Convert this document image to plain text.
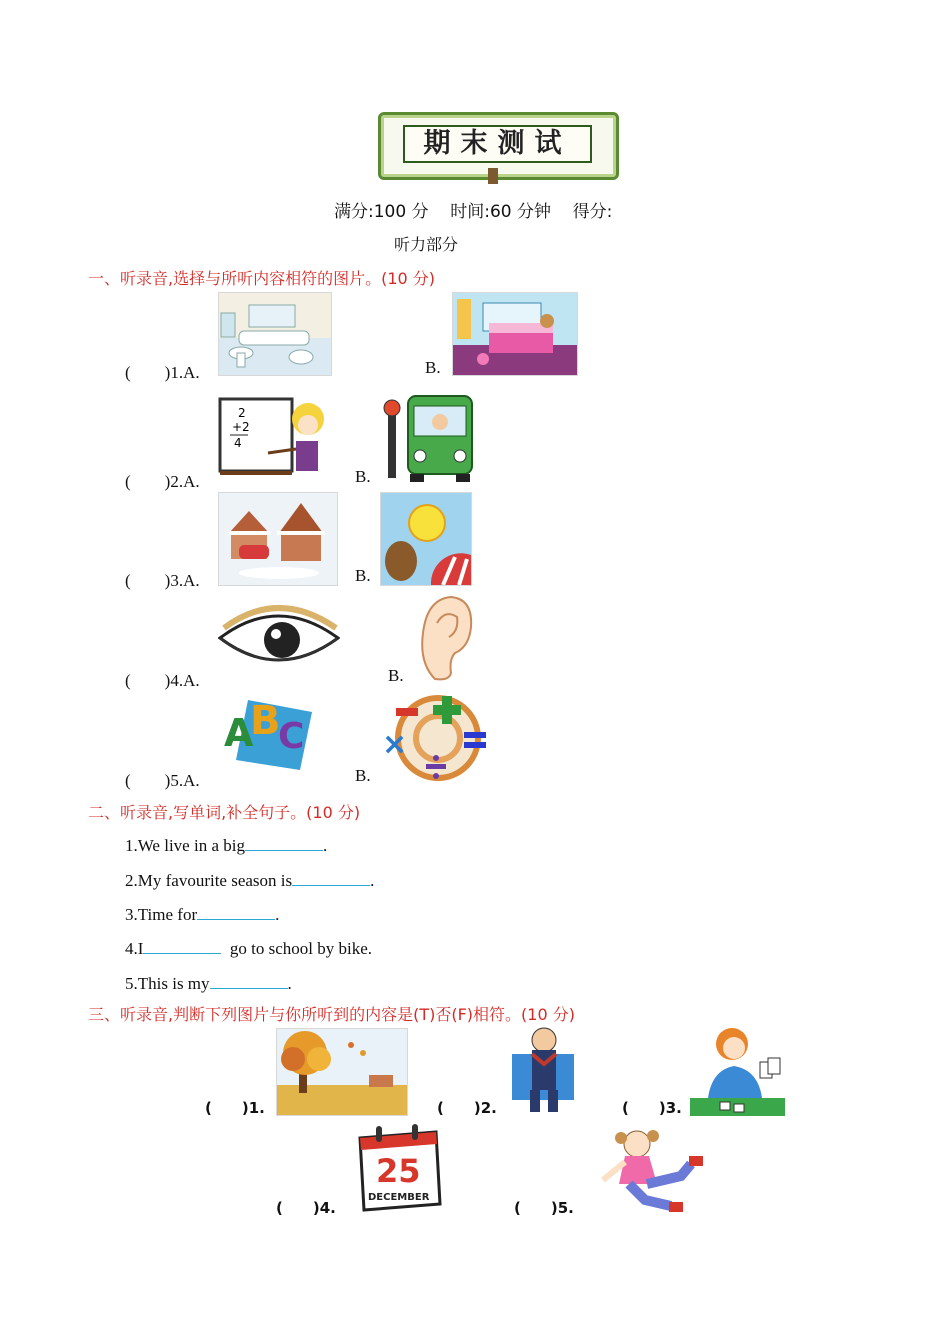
期末测试
满分:100 分 时间:60 分钟 得分:
听力部分
一、听录音,选择与所听内容相符的图片。(10 分)
(　　)1.A.	B.
2
+2
4
(　　)2.A.	B.
(　　)3.A.	B.
(　　)4.A.	B.
A
B
C
(　　)5.A.	B.
×
二、听录音,写单词,补全句子。(10 分)
1.We live in a big	.
2.My favourite season is	.
3.Time for	.
4.I	go to school by bike.
5.This is my	.
三、听录音,判断下列图片与你所听到的内容是(T)否(F)相符。(10 分)
(　　)1.	(　　)2.	(　　)3.
(　　)4.
25
DECEMBER
(　　)5.
